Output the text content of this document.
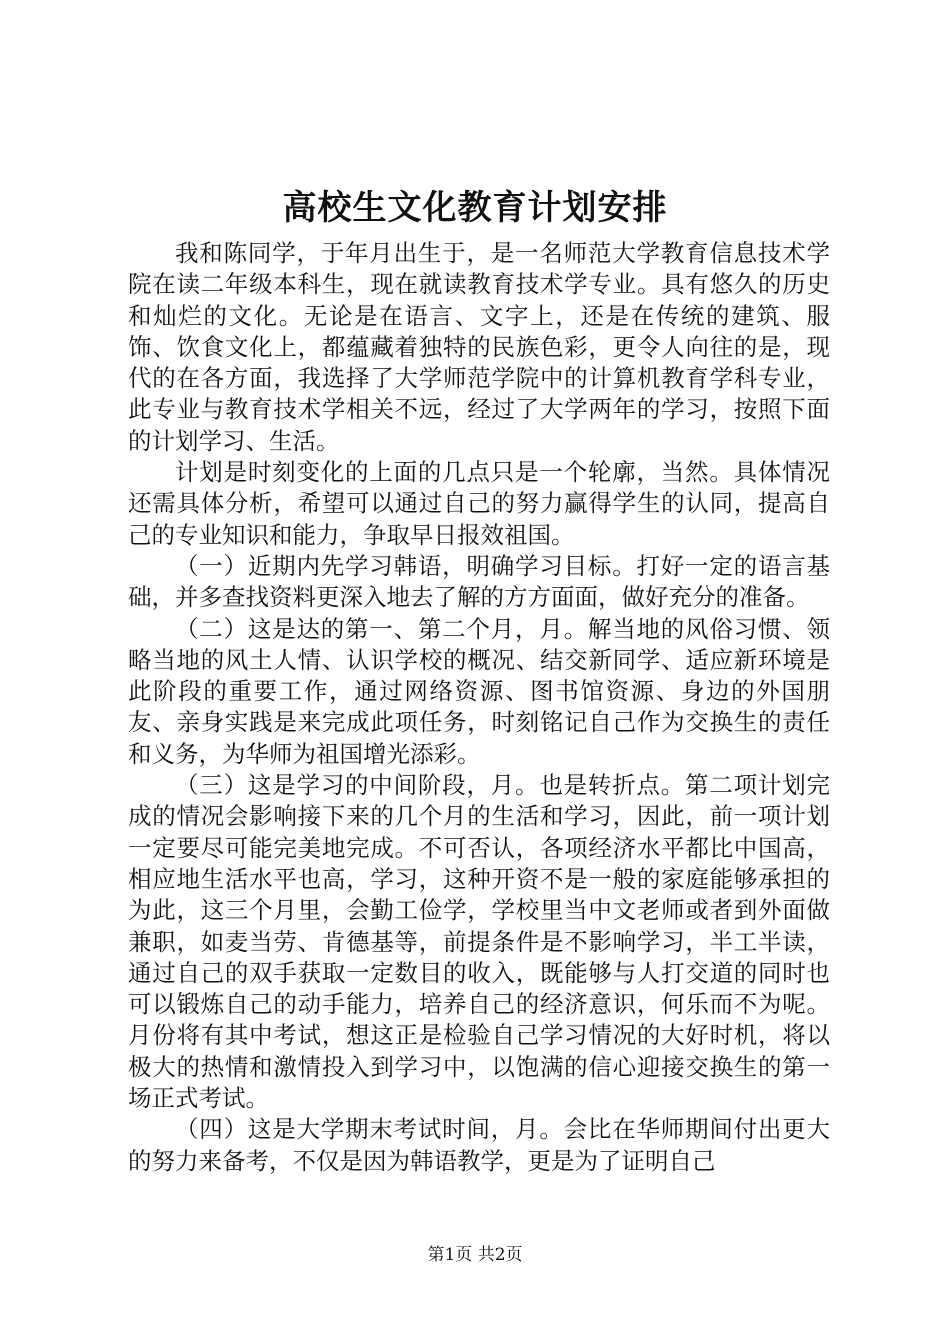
高校生文化教育计划安排

我和陈同学，于年月出生于，是一名师范大学教育信息技术学院在读二年级本科生，现在就读教育技术学专业。具有悠久的历史和灿烂的文化。无论是在语言、文字上，还是在传统的建筑、服饰、饮食文化上，都蕴藏着独特的民族色彩，更令人向往的是，现代的在各方面，我选择了大学师范学院中的计算机教育学科专业，此专业与教育技术学相关不远，经过了大学两年的学习，按照下面的计划学习、生活。

计划是时刻变化的上面的几点只是一个轮廓，当然。具体情况还需具体分析，希望可以通过自己的努力赢得学生的认同，提高自己的专业知识和能力，争取早日报效祖国。

（一）近期内先学习韩语，明确学习目标。打好一定的语言基础，并多查找资料更深入地去了解的方方面面，做好充分的准备。

（二）这是达的第一、第二个月，月。解当地的风俗习惯、领略当地的风土人情、认识学校的概况、结交新同学、适应新环境是此阶段的重要工作，通过网络资源、图书馆资源、身边的外国朋友、亲身实践是来完成此项任务，时刻铭记自己作为交换生的责任和义务，为华师为祖国增光添彩。

（三）这是学习的中间阶段，月。也是转折点。第二项计划完成的情况会影响接下来的几个月的生活和学习，因此，前一项计划一定要尽可能完美地完成。不可否认，各项经济水平都比中国高，相应地生活水平也高，学习，这种开资不是一般的家庭能够承担的为此，这三个月里，会勤工俭学，学校里当中文老师或者到外面做兼职，如麦当劳、肯德基等，前提条件是不影响学习，半工半读，通过自己的双手获取一定数目的收入，既能够与人打交道的同时也可以锻炼自己的动手能力，培养自己的经济意识，何乐而不为呢。月份将有其中考试，想这正是检验自己学习情况的大好时机，将以极大的热情和激情投入到学习中，以饱满的信心迎接交换生的第一场正式考试。

（四）这是大学期末考试时间，月。会比在华师期间付出更大的努力来备考，不仅是因为韩语教学，更是为了证明自己

第1页 共2页
